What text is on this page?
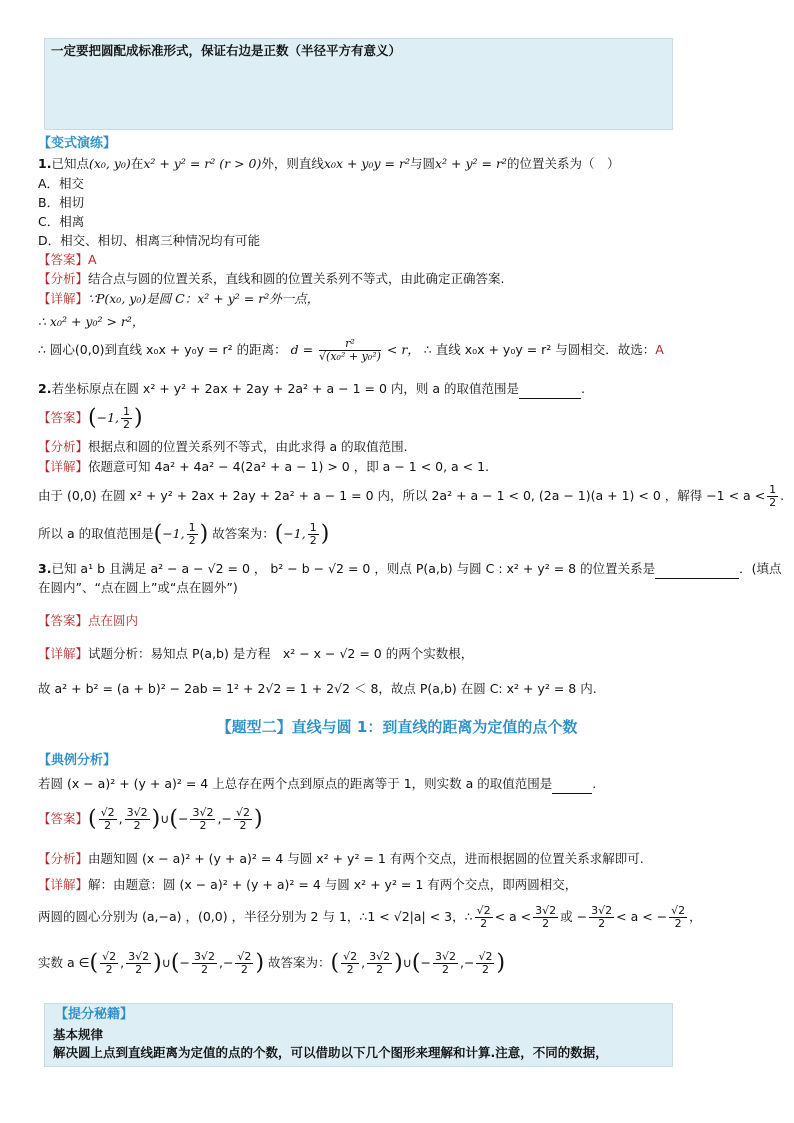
一定要把圆配成标准形式，保证右边是正数（半径平方有意义）
【变式演练】
1.已知点(x₀, y₀)在x² + y² = r² (r > 0)外，则直线x₀x + y₀y = r²与圆x² + y² = r²的位置关系为（　）
A．相交
B．相切
C．相离
D．相交、相切、相离三种情况均有可能
【答案】A
【分析】结合点与圆的位置关系，直线和圆的位置关系列不等式，由此确定正确答案.
【详解】∵P(x₀, y₀)是圆 C：x² + y² = r²外一点，
∴ x₀² + y₀² > r²，
∴ 圆心(0,0)到直线 x₀x + y₀y = r² 的距离： $d = \frac{\text{r²}}{\text{√(x₀² + y₀²)}} < r$， ∴ 直线 x₀x + y₀y = r² 与圆相交．故选：A
2.若坐标原点在圆 x² + y² + 2ax + 2ay + 2a² + a − 1 = 0 内，则 a 的取值范围是	.
【答案】(−1, $\frac{1}{2}$ )
【分析】根据点和圆的位置关系列不等式，由此求得 a 的取值范围.
【详解】依题意可知 4a² + 4a² − 4(2a² + a − 1) > 0 ，即 a − 1 < 0, a < 1.
由于 (0,0) 在圆 x² + y² + 2ax + 2ay + 2a² + a − 1 = 0 内，所以 2a² + a − 1 < 0, (2a − 1)(a + 1) < 0 ，解得 $-1 < a < \frac{1}{2}$ .
所以 a 的取值范围是(−1, $\frac{1}{2}$ ) 故答案为：(−1, $\frac{1}{2}$ )
3.已知 a¹ b 且满足 a² − a − √2 = 0 ， b² − b − √2 = 0 ，则点 P(a,b) 与圆 C : x² + y² = 8 的位置关系是	．(填点
在圆内”、“点在圆上”或“点在圆外”)
【答案】点在圆内
【详解】试题分析：易知点 P(a,b) 是方程　x² − x − √2 = 0 的两个实数根，
故 a² + b² = (a + b)² − 2ab = 1² + 2√2 = 1 + 2√2 ＜ 8，故点 P(a,b) 在圆 C: x² + y² = 8 内.
【题型二】直线与圆 1：到直线的距离为定值的点个数
【典例分析】
若圆 (x − a)² + (y + a)² = 4 上总存在两个点到原点的距离等于 1，则实数 a 的取值范围是	.
【答案】( $\frac{√2}{2}$ , $\frac{3√2}{2}$ )∪(− $\frac{3√2}{2}$ ,− $\frac{√2}{2}$ )
【分析】由题知圆 (x − a)² + (y + a)² = 4 与圆 x² + y² = 1 有两个交点，进而根据圆的位置关系求解即可.
【详解】解：由题意：圆 (x − a)² + (y + a)² = 4 与圆 x² + y² = 1 有两个交点，即两圆相交，
两圆的圆心分别为 (a,−a) ，(0,0) ，半径分别为 2 与 1，∴1 < √2|a| < 3，∴ $\frac{√2}{2} < a < \frac{3√2}{2}$ 或 − $\frac{3√2}{2} < a$ < − $\frac{√2}{2}$ ，
实数 a ∈( $\frac{√2}{2}$ , $\frac{3√2}{2}$ )∪(− $\frac{3√2}{2}$ ,− $\frac{√2}{2}$ ) 故答案为：( $\frac{√2}{2}$ , $\frac{3√2}{2}$ )∪(− $\frac{3√2}{2}$ ,− $\frac{√2}{2}$ )
【提分秘籍】
基本规律
解决圆上点到直线距离为定值的点的个数，可以借助以下几个图形来理解和计算.注意，不同的数据，
